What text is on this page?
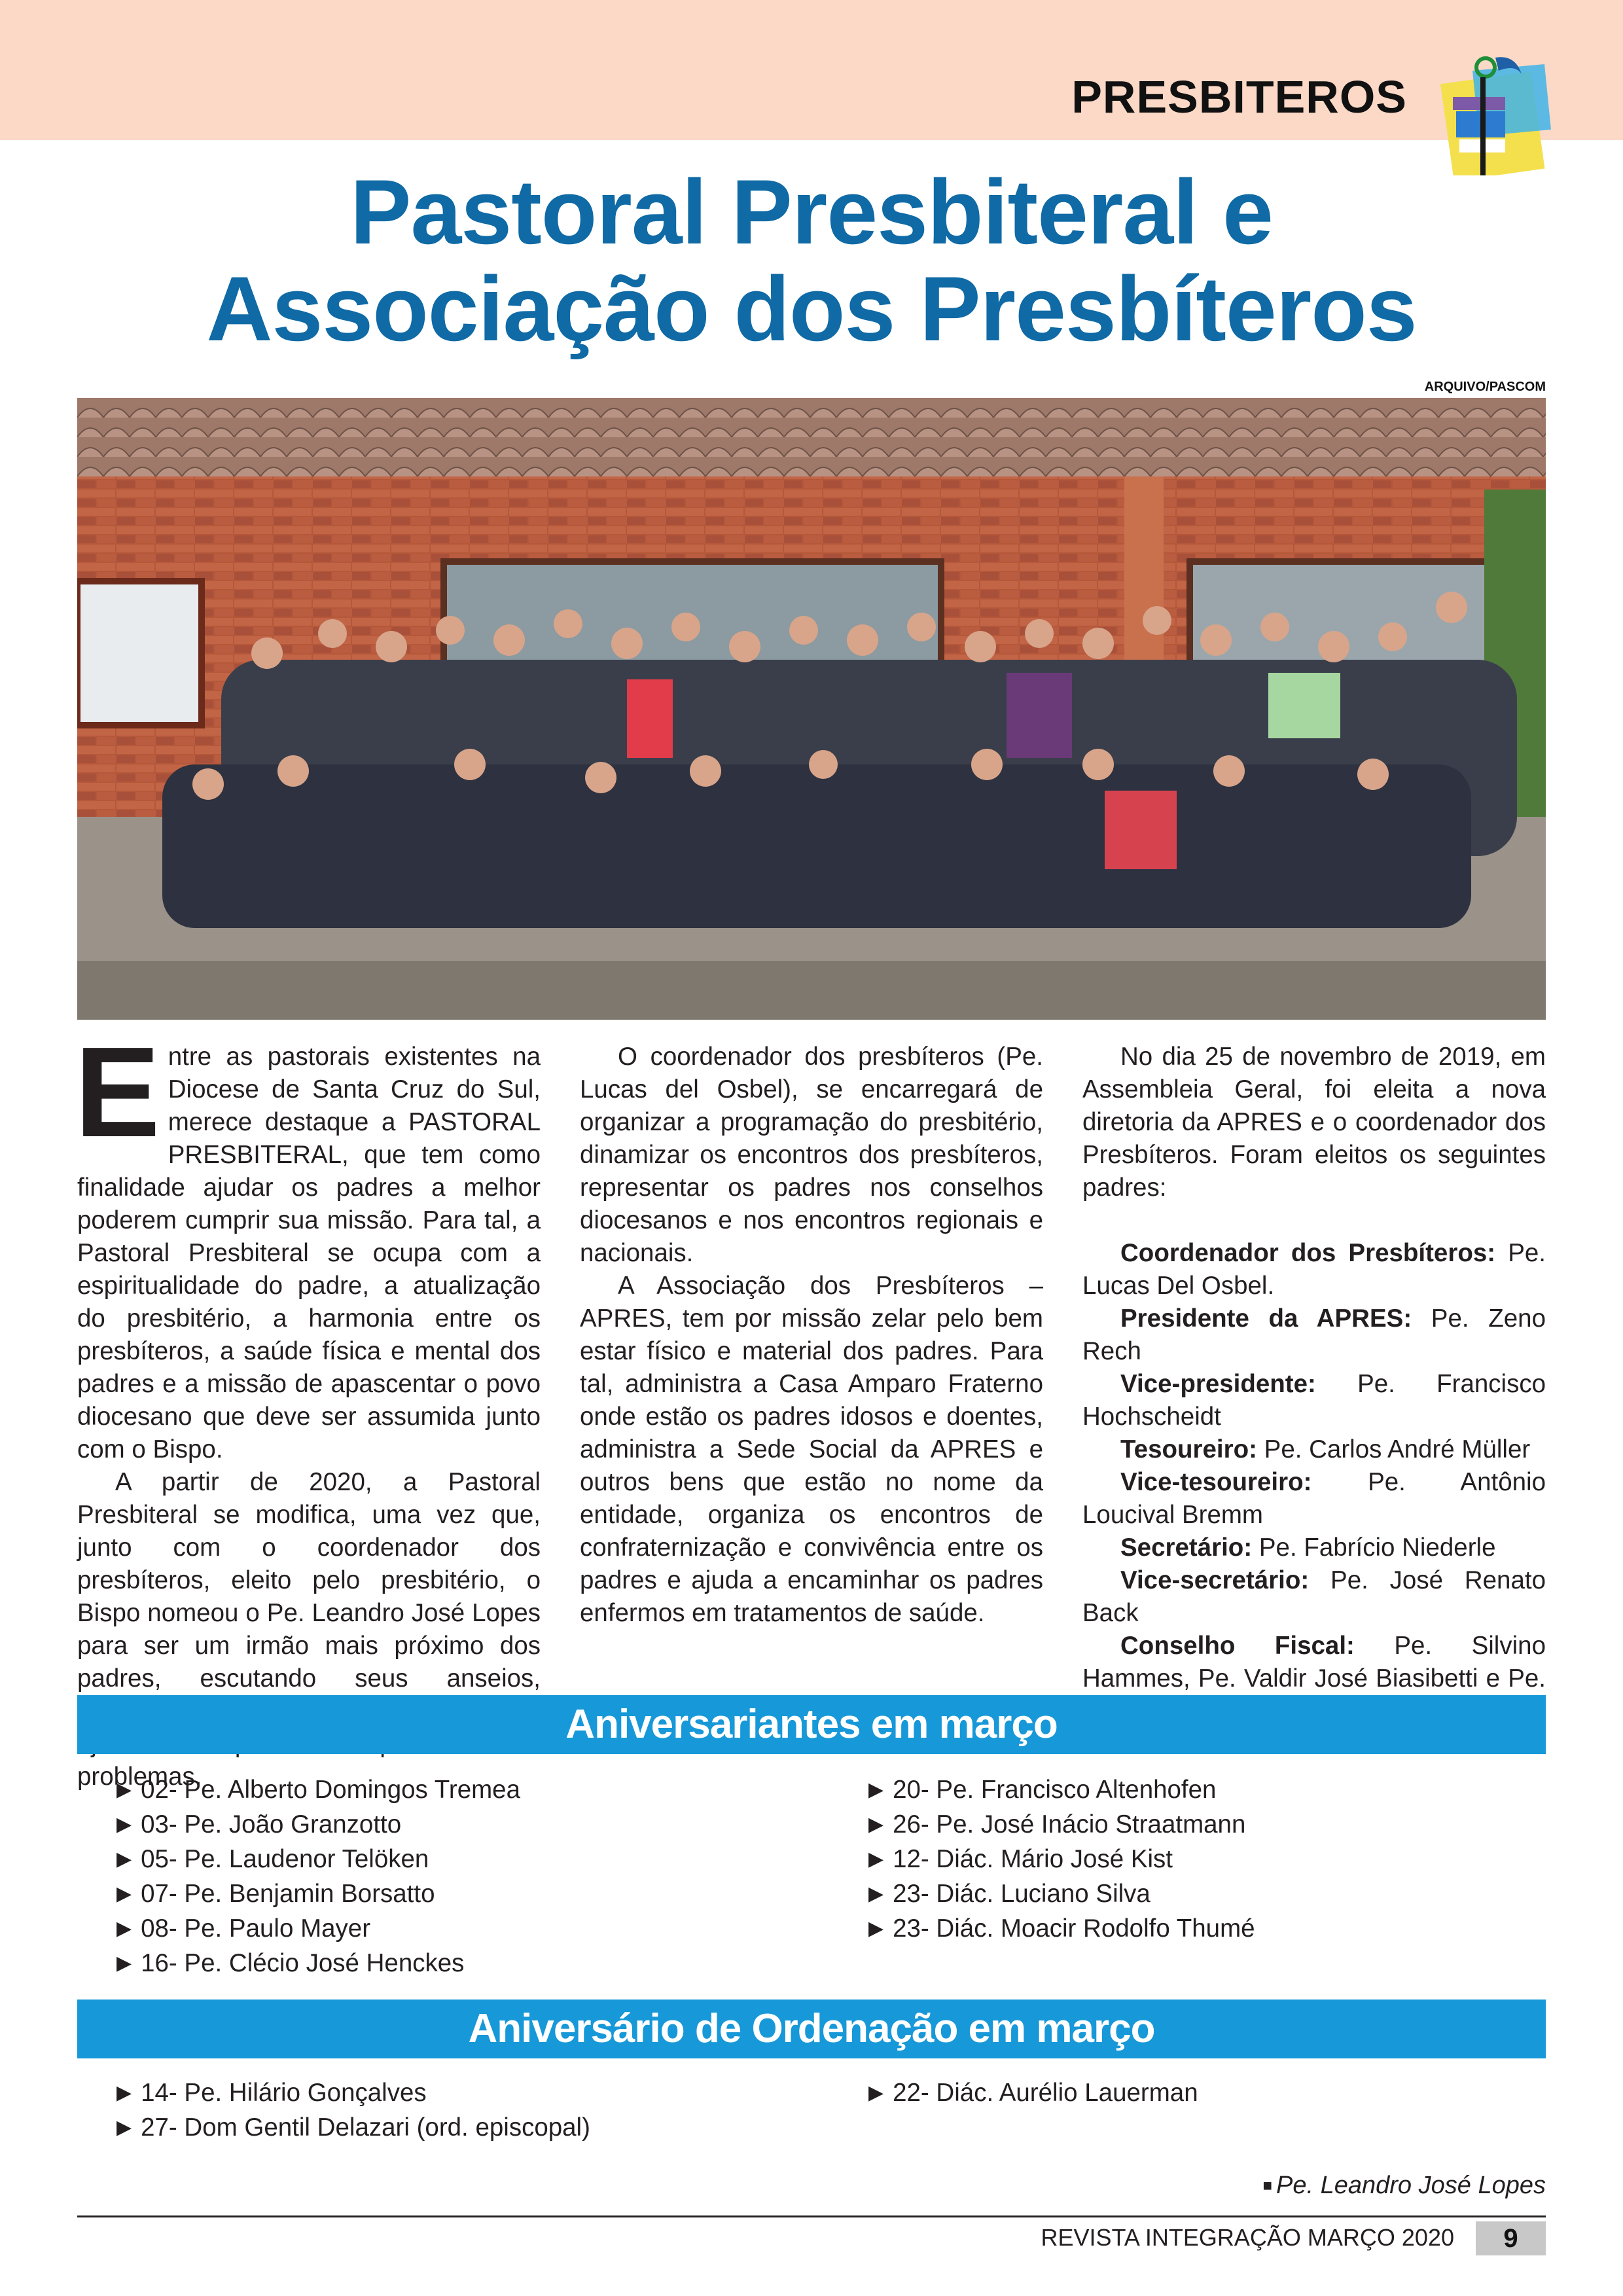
PRESBITEROS
Pastoral Presbiteral e
Associação dos Presbíteros
ARQUIVO/PASCOM

Entre as pastorais existentes na Diocese de Santa Cruz do Sul, merece destaque a PASTORAL PRESBITERAL, que tem como finalidade ajudar os padres a melhor poderem cumprir sua missão. Para tal, a Pastoral Presbiteral se ocupa com a espiritualidade do padre, a atualização do presbitério, a harmonia entre os presbíteros, a saúde física e mental dos padres e a missão de apascentar o povo diocesano que deve ser assumida junto com o Bispo.

A partir de 2020, a Pastoral Presbiteral se modifica, uma vez que, junto com o coordenador dos presbíteros, eleito pelo presbitério, o Bispo nomeou o Pe. Leandro José Lopes para ser um irmão mais próximo dos padres, escutando seus anseios, problemas.

O coordenador dos presbíteros (Pe. Lucas del Osbel), se encarregará de organizar a programação do presbitério, dinamizar os encontros dos presbíteros, representar os padres nos conselhos diocesanos e nos encontros regionais e nacionais.

A Associação dos Presbíteros – APRES, tem por missão zelar pelo bem estar físico e material dos padres. Para tal, administra a Casa Amparo Fraterno onde estão os padres idosos e doentes, administra a Sede Social da APRES e outros bens que estão no nome da entidade, organiza os encontros de confraternização e convivência entre os padres e ajuda a encaminhar os padres enfermos em tratamentos de saúde.

No dia 25 de novembro de 2019, em Assembleia Geral, foi eleita a nova diretoria da APRES e o coordenador dos Presbíteros. Foram eleitos os seguintes padres:

Coordenador dos Presbíteros: Pe. Lucas Del Osbel.

Presidente da APRES: Pe. Zeno Rech

Vice-presidente: Pe. Francisco Hochscheidt

Tesoureiro: Pe. Carlos André Müller

Vice-tesoureiro: Pe. Antônio Loucival Bremm

Secretário: Pe. Fabrício Niederle

Vice-secretário: Pe. José Renato Back

Conselho Fiscal: Pe. Silvino Hammes, Pe. Valdir José Biasibetti e Pe.

Aniversariantes em março
▶ 02- Pe. Alberto Domingos Tremea
▶ 03- Pe. João Granzotto
▶ 05- Pe. Laudenor Telöken
▶ 07- Pe. Benjamin Borsatto
▶ 08- Pe. Paulo Mayer
▶ 16- Pe. Clécio José Henckes
▶ 20- Pe. Francisco Altenhofen
▶ 26- Pe. José Inácio Straatmann
▶ 12- Diác. Mário José Kist
▶ 23- Diác. Luciano Silva
▶ 23- Diác. Moacir Rodolfo Thumé
Aniversário de Ordenação em março
▶ 14- Pe. Hilário Gonçalves
▶ 27- Dom Gentil Delazari (ord. episcopal)
▶ 22- Diác. Aurélio Lauerman
■ Pe. Leandro José Lopes
REVISTA INTEGRAÇÃO MARÇO 2020	9
